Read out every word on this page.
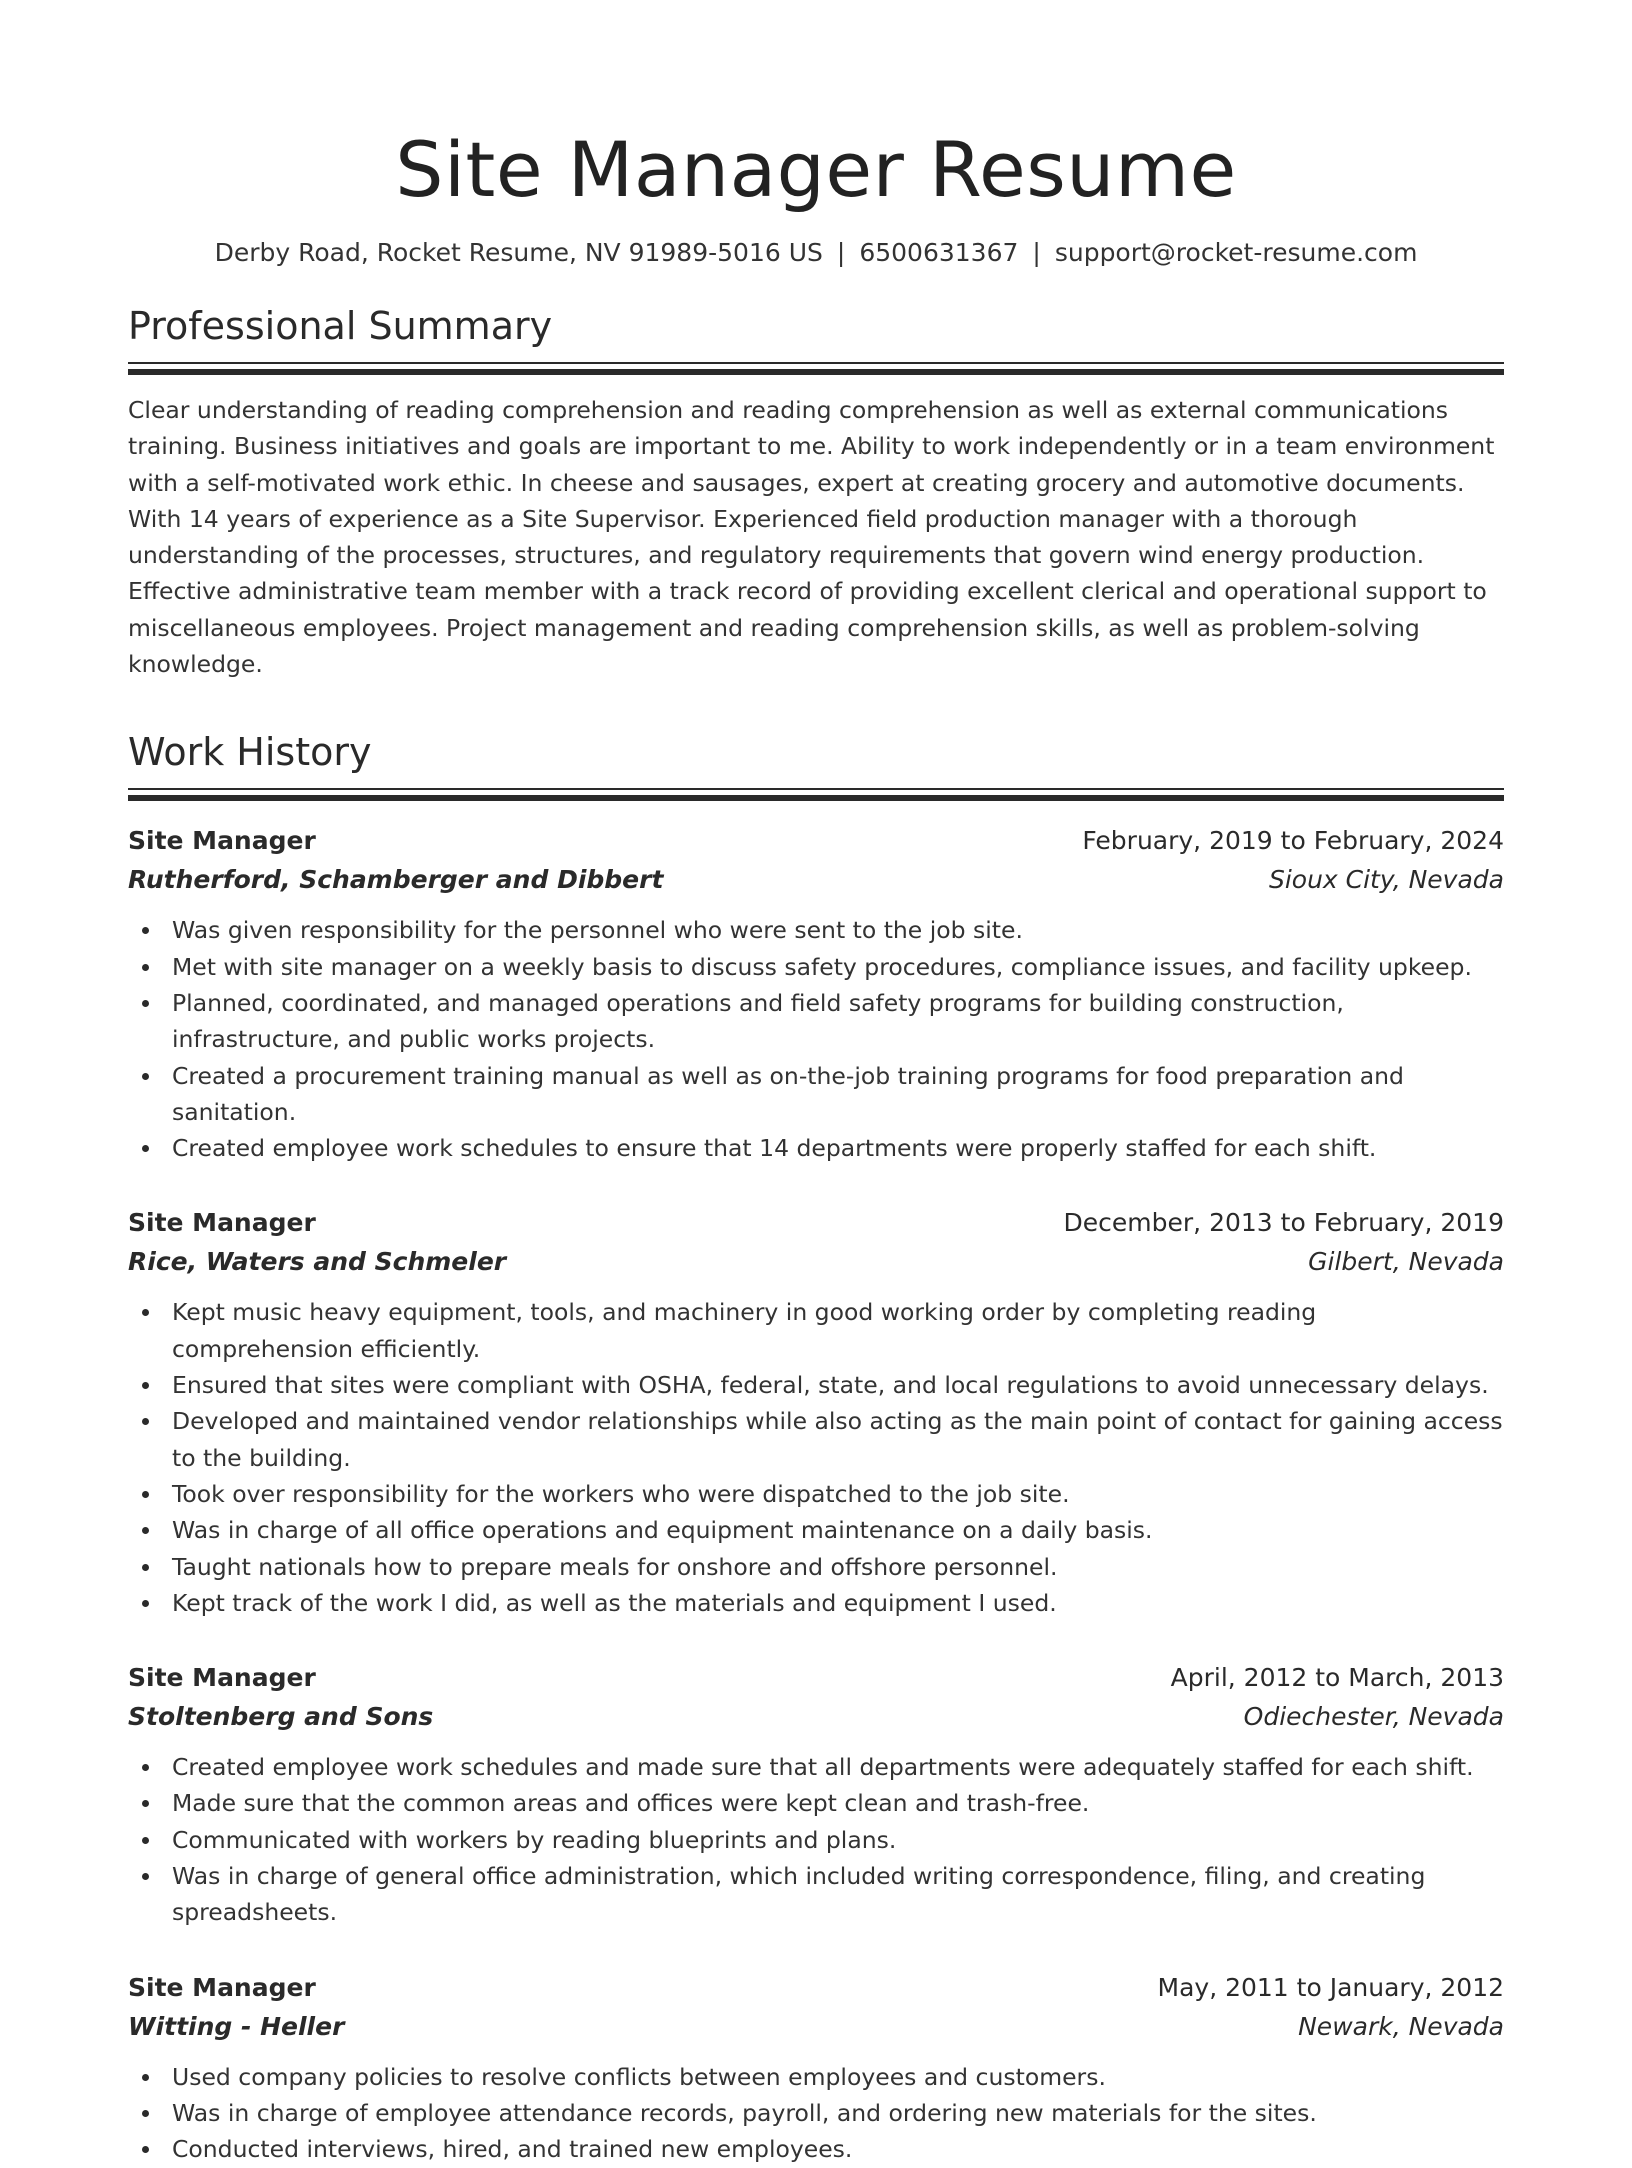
Site Manager Resume
Derby Road, Rocket Resume, NV 91989-5016 US | 6500631367 | support@rocket-resume.com
Professional Summary

Clear understanding of reading comprehension and reading comprehension as well as external communications training. Business initiatives and goals are important to me. Ability to work independently or in a team environment with a self-motivated work ethic. In cheese and sausages, expert at creating grocery and automotive documents. With 14 years of experience as a Site Supervisor. Experienced field production manager with a thorough understanding of the processes, structures, and regulatory requirements that govern wind energy production. Effective administrative team member with a track record of providing excellent clerical and operational support to miscellaneous employees. Project management and reading comprehension skills, as well as problem-solving knowledge.

Work History
Site Manager	February, 2019 to February, 2024
Rutherford, Schamberger and Dibbert	Sioux City, Nevada
Was given responsibility for the personnel who were sent to the job site.
Met with site manager on a weekly basis to discuss safety procedures, compliance issues, and facility upkeep.
Planned, coordinated, and managed operations and field safety programs for building construction, infrastructure, and public works projects.
Created a procurement training manual as well as on-the-job training programs for food preparation and sanitation.
Created employee work schedules to ensure that 14 departments were properly staffed for each shift.
Site Manager	December, 2013 to February, 2019
Rice, Waters and Schmeler	Gilbert, Nevada
Kept music heavy equipment, tools, and machinery in good working order by completing reading comprehension efficiently.
Ensured that sites were compliant with OSHA, federal, state, and local regulations to avoid unnecessary delays.
Developed and maintained vendor relationships while also acting as the main point of contact for gaining access to the building.
Took over responsibility for the workers who were dispatched to the job site.
Was in charge of all office operations and equipment maintenance on a daily basis.
Taught nationals how to prepare meals for onshore and offshore personnel.
Kept track of the work I did, as well as the materials and equipment I used.
Site Manager	April, 2012 to March, 2013
Stoltenberg and Sons	Odiechester, Nevada
Created employee work schedules and made sure that all departments were adequately staffed for each shift.
Made sure that the common areas and offices were kept clean and trash-free.
Communicated with workers by reading blueprints and plans.
Was in charge of general office administration, which included writing correspondence, filing, and creating spreadsheets.
Site Manager	May, 2011 to January, 2012
Witting - Heller	Newark, Nevada
Used company policies to resolve conflicts between employees and customers.
Was in charge of employee attendance records, payroll, and ordering new materials for the sites.
Conducted interviews, hired, and trained new employees.
